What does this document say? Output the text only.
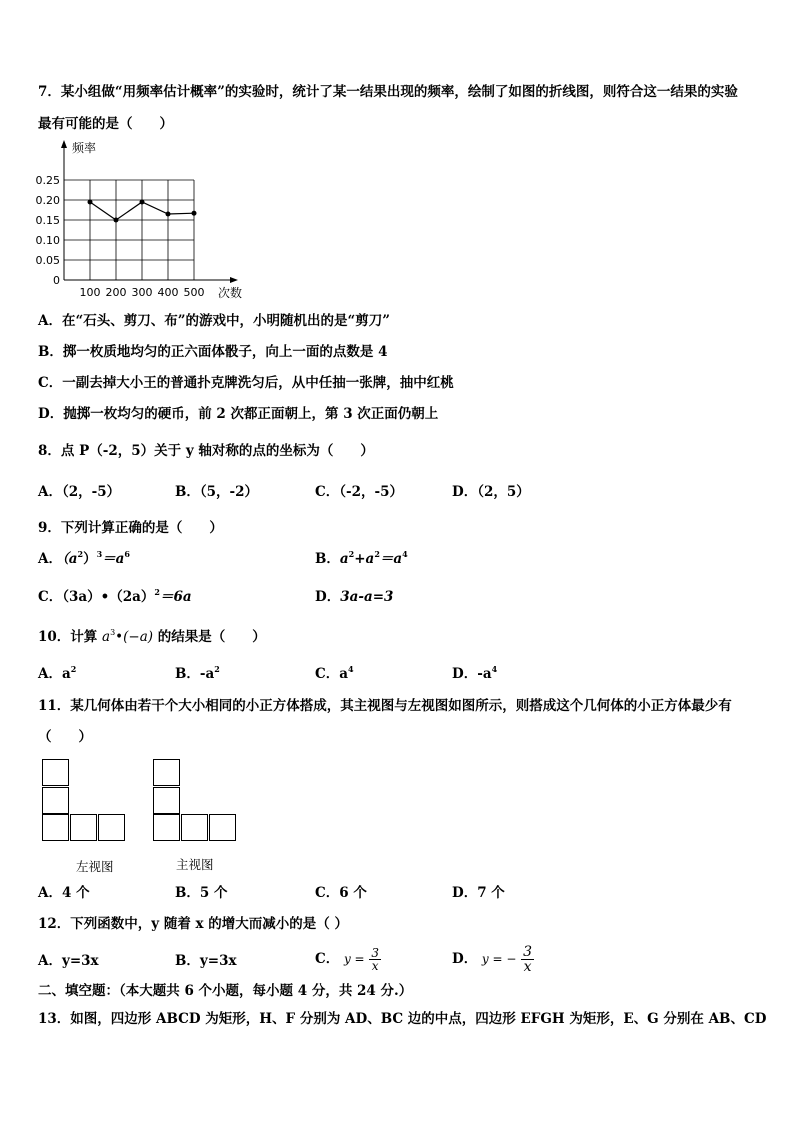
7．某小组做“用频率估计概率”的实验时，统计了某一结果出现的频率，绘制了如图的折线图，则符合这一结果的实验
最有可能的是（　　）
0.25
0.20
0.15
0.10
0.05
0
100 200 300 400 500
频率
次数
A．在“石头、剪刀、布”的游戏中，小明随机出的是“剪刀”
B．掷一枚质地均匀的正六面体骰子，向上一面的点数是 4
C．一副去掉大小王的普通扑克牌洗匀后，从中任抽一张牌，抽中红桃
D．抛掷一枚均匀的硬币，前 2 次都正面朝上，第 3 次正面仍朝上
8．点 P（-2，5）关于 y 轴对称的点的坐标为（　　）
A．（2，-5）	B．（5，-2）	C．（-2，-5）	D．（2，5）
9．下列计算正确的是（　　）
A．$(a^2)^3=a^6$	B．$a^2+a^2=a^4$
C．$(3a)•(2a)^2=6a$	D．3a-a=3
10．计算 $a^3•(-a)$ 的结果是（　　）
A．$a^2$	B．$-a^2$	C．$a^4$	D．$-a^4$
11．某几何体由若干个大小相同的小正方体搭成，其主视图与左视图如图所示，则搭成这个几何体的小正方体最少有
（　　）
左视图	主视图
A．4 个	B．5 个	C．6 个	D．7 个
12．下列函数中，y 随着 x 的增大而减小的是（ ）
A．y=3x	B．y=3x	C． $y = \frac{3}{x}$	D． y = − $\frac{3}{x}$
二、填空题：（本大题共 6 个小题，每小题 4 分，共 24 分.）
13．如图，四边形 ABCD 为矩形，H、F 分别为 AD、BC 边的中点，四边形 EFGH 为矩形，E、G 分别在 AB、CD
